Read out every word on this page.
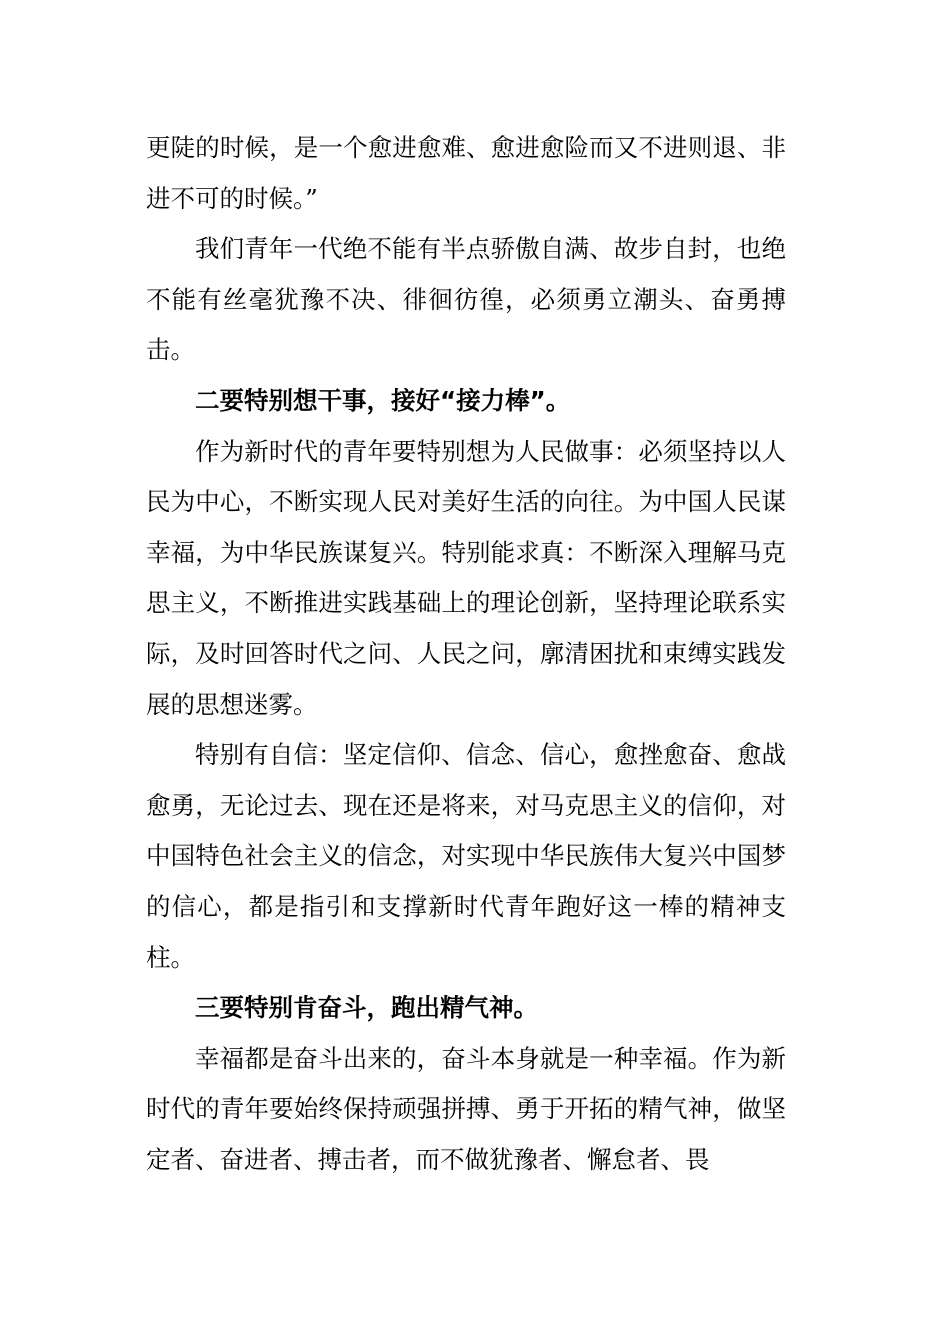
更陡的时候，是一个愈进愈难、愈进愈险而又不进则退、非进不可的时候。”

我们青年一代绝不能有半点骄傲自满、故步自封，也绝不能有丝毫犹豫不决、徘徊彷徨，必须勇立潮头、奋勇搏击。

二要特别想干事，接好“接力棒”。

作为新时代的青年要特别想为人民做事：必须坚持以人民为中心，不断实现人民对美好生活的向往。为中国人民谋幸福，为中华民族谋复兴。特别能求真：不断深入理解马克思主义，不断推进实践基础上的理论创新，坚持理论联系实际，及时回答时代之问、人民之问，廓清困扰和束缚实践发展的思想迷雾。

特别有自信：坚定信仰、信念、信心，愈挫愈奋、愈战愈勇，无论过去、现在还是将来，对马克思主义的信仰，对中国特色社会主义的信念，对实现中华民族伟大复兴中国梦的信心，都是指引和支撑新时代青年跑好这一棒的精神支柱。

三要特别肯奋斗，跑出精气神。

幸福都是奋斗出来的，奋斗本身就是一种幸福。作为新时代的青年要始终保持顽强拼搏、勇于开拓的精气神，做坚定者、奋进者、搏击者，而不做犹豫者、懈怠者、畏
